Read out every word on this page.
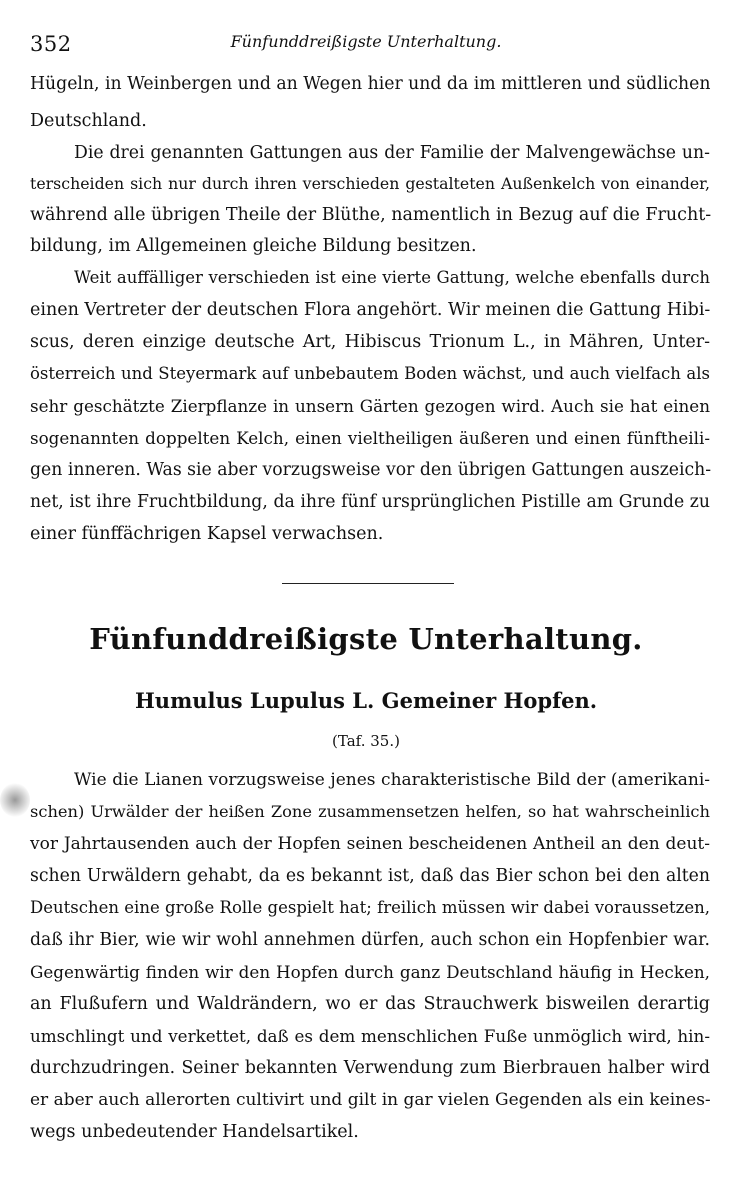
352	Fünfunddreißigste Unterhaltung.
Hügeln, in Weinbergen und an Wegen hier und da im mittleren und südlichen
Deutschland.
Die drei genannten Gattungen aus der Familie der Malvengewächse un-
terscheiden sich nur durch ihren verschieden gestalteten Außenkelch von einander,
während alle übrigen Theile der Blüthe, namentlich in Bezug auf die Frucht-
bildung, im Allgemeinen gleiche Bildung besitzen.
Weit auffälliger verschieden ist eine vierte Gattung, welche ebenfalls durch
einen Vertreter der deutschen Flora angehört. Wir meinen die Gattung Hibi-
scus, deren einzige deutsche Art, Hibiscus Trionum L., in Mähren, Unter-
österreich und Steyermark auf unbebautem Boden wächst, und auch vielfach als
sehr geschätzte Zierpflanze in unsern Gärten gezogen wird. Auch sie hat einen
sogenannten doppelten Kelch, einen vieltheiligen äußeren und einen fünftheili-
gen inneren. Was sie aber vorzugsweise vor den übrigen Gattungen auszeich-
net, ist ihre Fruchtbildung, da ihre fünf ursprünglichen Pistille am Grunde zu
einer fünffächrigen Kapsel verwachsen.
Fünfunddreißigste Unterhaltung.
Humulus Lupulus L. Gemeiner Hopfen.
(Taf. 35.)
Wie die Lianen vorzugsweise jenes charakteristische Bild der (amerikani-
schen) Urwälder der heißen Zone zusammensetzen helfen, so hat wahrscheinlich
vor Jahrtausenden auch der Hopfen seinen bescheidenen Antheil an den deut-
schen Urwäldern gehabt, da es bekannt ist, daß das Bier schon bei den alten
Deutschen eine große Rolle gespielt hat; freilich müssen wir dabei voraussetzen,
daß ihr Bier, wie wir wohl annehmen dürfen, auch schon ein Hopfenbier war.
Gegenwärtig finden wir den Hopfen durch ganz Deutschland häufig in Hecken,
an Flußufern und Waldrändern, wo er das Strauchwerk bisweilen derartig
umschlingt und verkettet, daß es dem menschlichen Fuße unmöglich wird, hin-
durchzudringen. Seiner bekannten Verwendung zum Bierbrauen halber wird
er aber auch allerorten cultivirt und gilt in gar vielen Gegenden als ein keines-
wegs unbedeutender Handelsartikel.
